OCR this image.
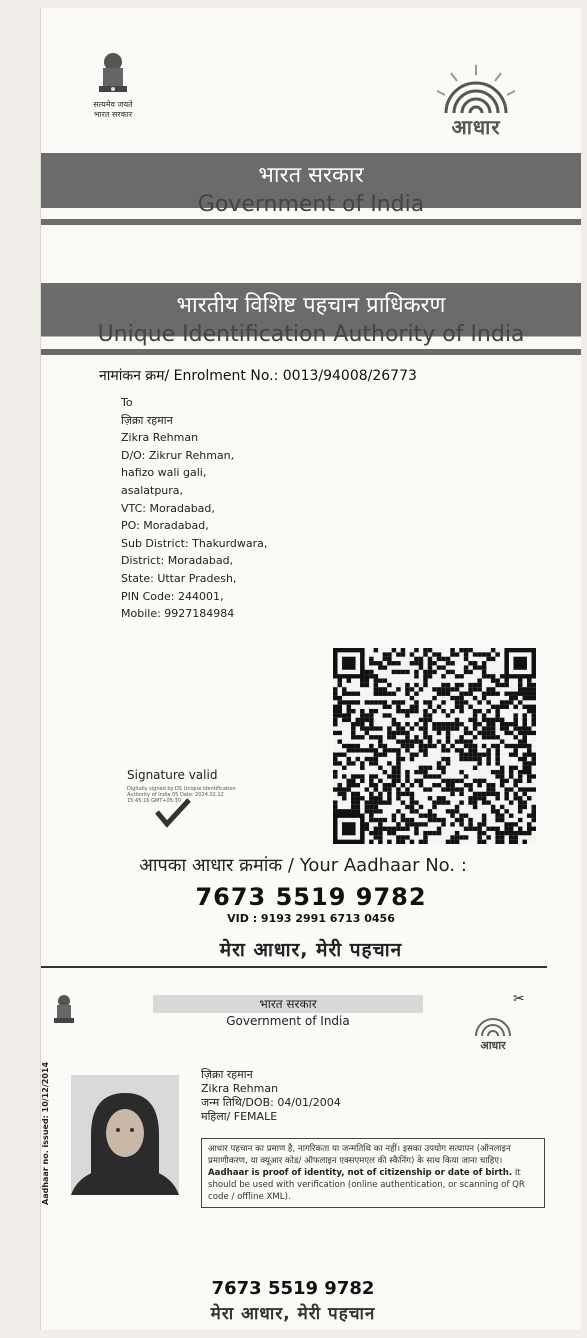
सत्यमेव जयते
भारत सरकार
आधार
भारत सरकार
Government of India
भारतीय विशिष्ट पहचान प्राधिकरण
Unique Identification Authority of India
नामांकन क्रम/ Enrolment No.: 0013/94008/26773
To
ज़िक्रा रहमान
Zikra Rehman
D/O: Zikrur Rehman,
hafizo wali gali,
asalatpura,
VTC: Moradabad,
PO: Moradabad,
Sub District: Thakurdwara,
District: Moradabad,
State: Uttar Pradesh,
PIN Code: 244001,
Mobile: 9927184984
Signature valid
Digitally signed by DS Unique Identification Authority of India 05 Date: 2024.02.12 15:45:16 GMT+05:30
आपका आधार क्रमांक / Your Aadhaar No. :
7673 5519 9782
VID : 9193 2991 6713 0456
मेरा आधार, मेरी पहचान
✂
भारत सरकार
Government of India
आधार
Aadhaar no. issued: 10/12/2014	ज़िक्रा रहमान
Zikra Rehman
जन्म तिथि/DOB: 04/01/2004
महिला/ FEMALE
आधार पहचान का प्रमाण है, नागरिकता या जन्मतिथि का नहीं। इसका उपयोग सत्यापन (ऑनलाइन प्रमाणीकरण, या क्यूआर कोड/ ऑफलाइन एक्सएमएल की स्कैनिंग) के साथ किया जाना चाहिए।
Aadhaar is proof of identity, not of citizenship or date of birth. It should be used with verification (online authentication, or scanning of QR code / offline XML).
7673 5519 9782
मेरा आधार, मेरी पहचान
